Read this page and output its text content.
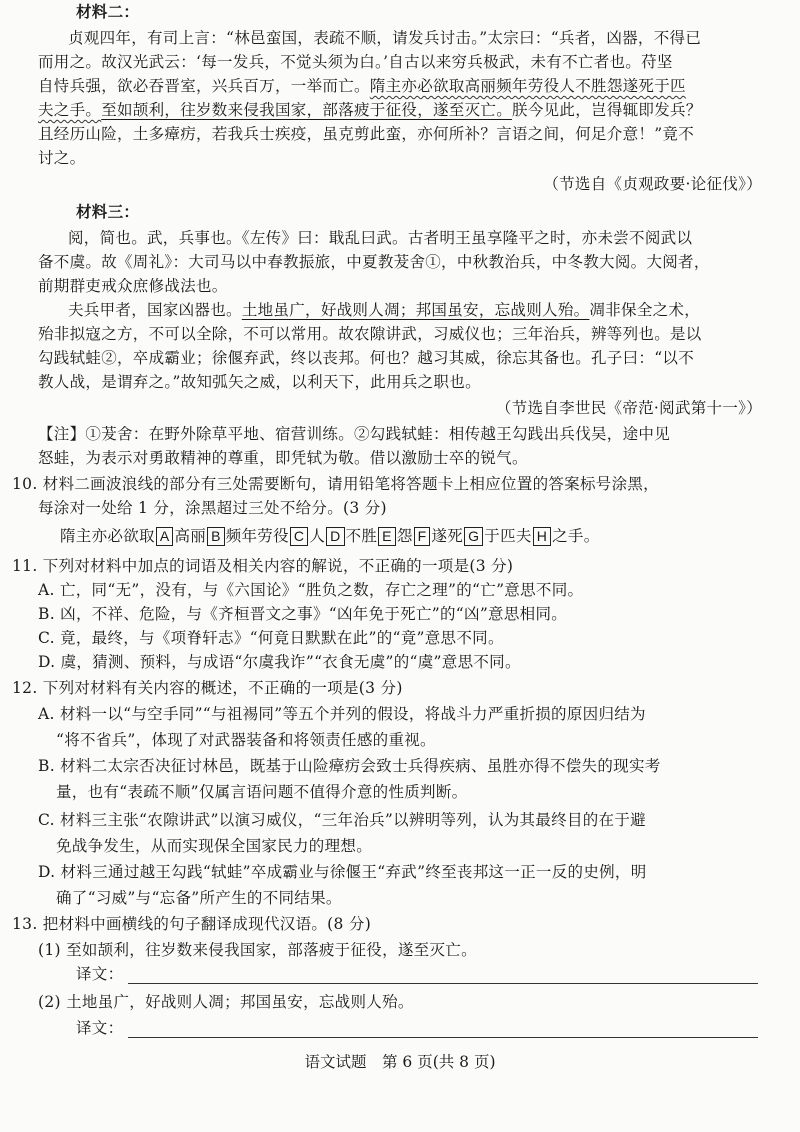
材料二：
贞观四年，有司上言：“林邑蛮国，表疏不顺，请发兵讨击。”太宗曰：“兵者，凶器，不得已
而用之。故汉光武云：‘每一发兵，不觉头须为白。’自古以来穷兵极武，未有不亡者也。苻坚
自恃兵强，欲必吞晋室，兴兵百万，一举而亡。隋主亦必欲取高丽频年劳役人不胜怨遂死于匹
夫之手。至如颉利，往岁数来侵我国家，部落疲于征役，遂至灭亡。朕今见此，岂得辄即发兵？
且经历山险，土多瘴疠，若我兵士疾疫，虽克剪此蛮，亦何所补？言语之间，何足介意！”竟不
讨之。
（节选自《贞观政要·论征伐》）
材料三：
阅，简也。武，兵事也。《左传》曰：戢乱曰武。古者明王虽享隆平之时，亦未尝不阅武以
备不虞。故《周礼》：大司马以中春教振旅，中夏教茇舍①，中秋教治兵，中冬教大阅。大阅者，
前期群吏戒众庶修战法也。
夫兵甲者，国家凶器也。土地虽广，好战则人凋；邦国虽安，忘战则人殆。凋非保全之术，
殆非拟寇之方，不可以全除，不可以常用。故农隙讲武，习威仪也；三年治兵，辨等列也。是以
勾践轼蛙②，卒成霸业；徐偃弃武，终以丧邦。何也？越习其威，徐忘其备也。孔子曰：“以不
教人战，是谓弃之。”故知弧矢之威，以利天下，此用兵之职也。
（节选自李世民《帝范·阅武第十一》）
【注】①茇舍：在野外除草平地、宿营训练。②勾践轼蛙：相传越王勾践出兵伐吴，途中见
怒蛙，为表示对勇敢精神的尊重，即凭轼为敬。借以激励士卒的锐气。
10. 材料二画波浪线的部分有三处需要断句，请用铅笔将答题卡上相应位置的答案标号涂黑，
每涂对一处给 1 分，涂黑超过三处不给分。(3 分)
隋主亦必欲取 A 高丽 B 频年劳役 C 人 D 不胜 E 怨 F 遂死 G 于匹夫 H 之手。
11. 下列对材料中加点的词语及相关内容的解说，不正确的一项是(3 分)
A. 亡，同“无”，没有，与《六国论》“胜负之数，存亡之理”的“亡”意思不同。
B. 凶，不祥、危险，与《齐桓晋文之事》“凶年免于死亡”的“凶”意思相同。
C. 竟，最终，与《项脊轩志》“何竟日默默在此”的“竟”意思不同。
D. 虞，猜测、预料，与成语“尔虞我诈”“衣食无虞”的“虞”意思不同。
12. 下列对材料有关内容的概述，不正确的一项是(3 分)
A. 材料一以“与空手同”“与祖裼同”等五个并列的假设，将战斗力严重折损的原因归结为
“将不省兵”，体现了对武器装备和将领责任感的重视。
B. 材料二太宗否决征讨林邑，既基于山险瘴疠会致士兵得疾病、虽胜亦得不偿失的现实考
量，也有“表疏不顺”仅属言语问题不值得介意的性质判断。
C. 材料三主张“农隙讲武”以演习威仪，“三年治兵”以辨明等列，认为其最终目的在于避
免战争发生，从而实现保全国家民力的理想。
D. 材料三通过越王勾践“轼蛙”卒成霸业与徐偃王“弃武”终至丧邦这一正一反的史例，明
确了“习威”与“忘备”所产生的不同结果。
13. 把材料中画横线的句子翻译成现代汉语。(8 分)
(1) 至如颉利，往岁数来侵我国家，部落疲于征役，遂至灭亡。
译文：
(2) 土地虽广，好战则人凋；邦国虽安，忘战则人殆。
译文：
语文试题　第 6 页(共 8 页)
